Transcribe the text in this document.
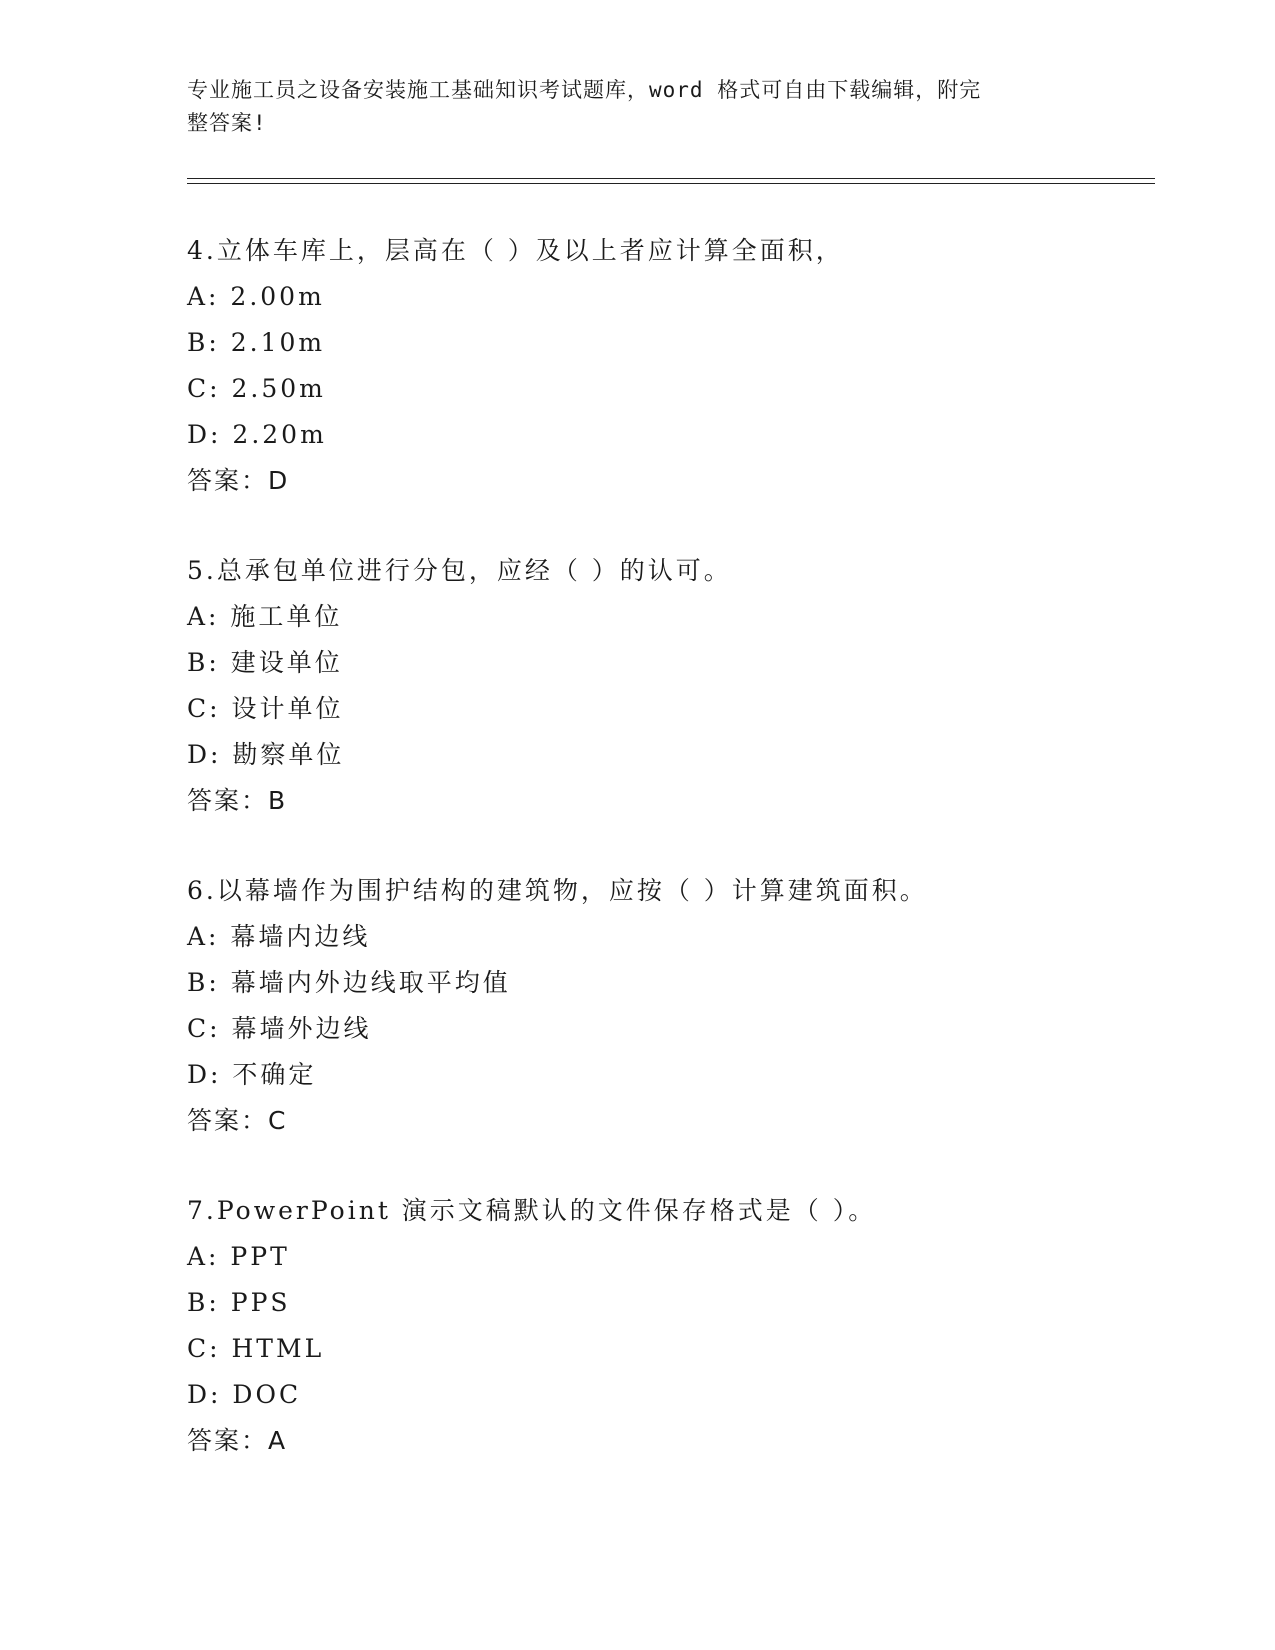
专业施工员之设备安装施工基础知识考试题库，word 格式可自由下载编辑，附完
整答案!
4.立体车库上，层高在（ ）及以上者应计算全面积，
A: 2.00m
B: 2.10m
C: 2.50m
D: 2.20m
答案：D
5.总承包单位进行分包，应经（ ）的认可。
A: 施工单位
B: 建设单位
C: 设计单位
D: 勘察单位
答案：B
6.以幕墙作为围护结构的建筑物，应按（ ）计算建筑面积。
A: 幕墙内边线
B: 幕墙内外边线取平均值
C: 幕墙外边线
D: 不确定
答案：C
7.PowerPoint 演示文稿默认的文件保存格式是（ ）。
A: PPT
B: PPS
C: HTML
D: DOC
答案：A
